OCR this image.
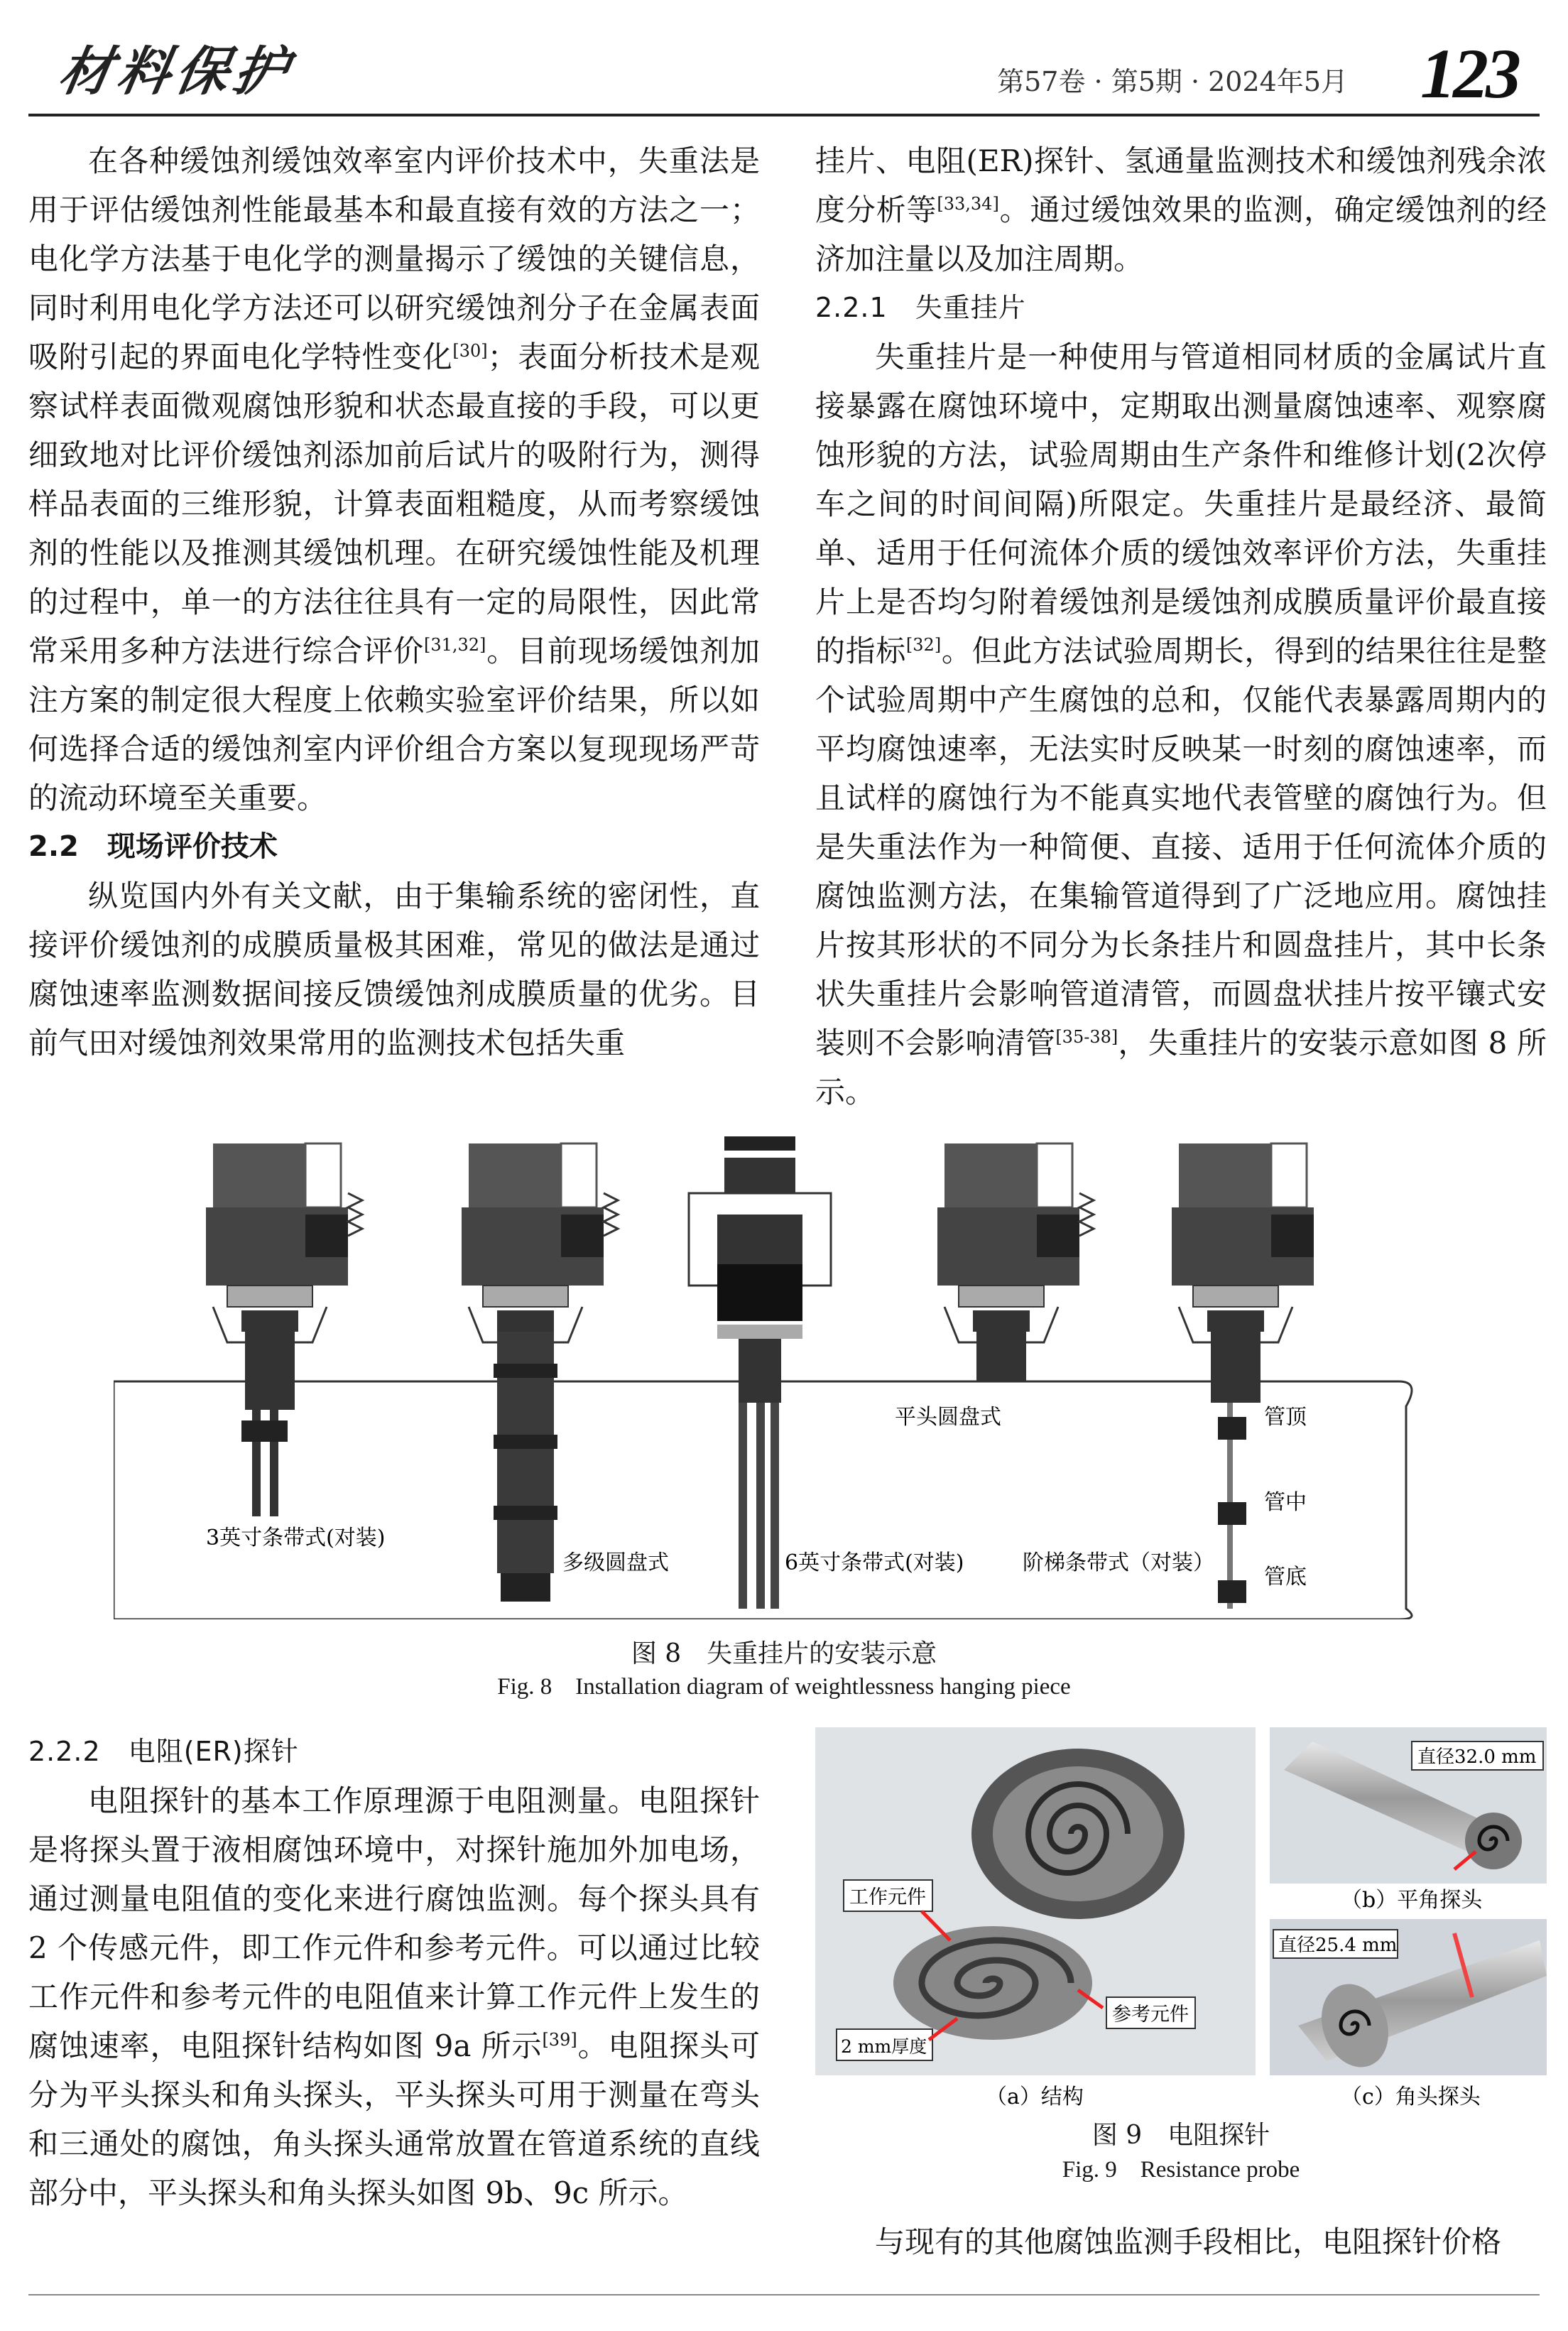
材料保护	第57卷 · 第5期 · 2024年5月 123

在各种缓蚀剂缓蚀效率室内评价技术中，失重法是用于评估缓蚀剂性能最基本和最直接有效的方法之一；电化学方法基于电化学的测量揭示了缓蚀的关键信息，同时利用电化学方法还可以研究缓蚀剂分子在金属表面吸附引起的界面电化学特性变化[30]；表面分析技术是观察试样表面微观腐蚀形貌和状态最直接的手段，可以更细致地对比评价缓蚀剂添加前后试片的吸附行为，测得样品表面的三维形貌，计算表面粗糙度，从而考察缓蚀剂的性能以及推测其缓蚀机理。在研究缓蚀性能及机理的过程中，单一的方法往往具有一定的局限性，因此常常采用多种方法进行综合评价[31,32]。目前现场缓蚀剂加注方案的制定很大程度上依赖实验室评价结果，所以如何选择合适的缓蚀剂室内评价组合方案以复现现场严苛的流动环境至关重要。

2.2　现场评价技术

纵览国内外有关文献，由于集输系统的密闭性，直接评价缓蚀剂的成膜质量极其困难，常见的做法是通过腐蚀速率监测数据间接反馈缓蚀剂成膜质量的优劣。目前气田对缓蚀剂效果常用的监测技术包括失重

挂片、电阻(ER)探针、氢通量监测技术和缓蚀剂残余浓度分析等[33,34]。通过缓蚀效果的监测，确定缓蚀剂的经济加注量以及加注周期。

2.2.1　失重挂片

失重挂片是一种使用与管道相同材质的金属试片直接暴露在腐蚀环境中，定期取出测量腐蚀速率、观察腐蚀形貌的方法，试验周期由生产条件和维修计划(2次停车之间的时间间隔)所限定。失重挂片是最经济、最简单、适用于任何流体介质的缓蚀效率评价方法，失重挂片上是否均匀附着缓蚀剂是缓蚀剂成膜质量评价最直接的指标[32]。但此方法试验周期长，得到的结果往往是整个试验周期中产生腐蚀的总和，仅能代表暴露周期内的平均腐蚀速率，无法实时反映某一时刻的腐蚀速率，而且试样的腐蚀行为不能真实地代表管壁的腐蚀行为。但是失重法作为一种简便、直接、适用于任何流体介质的腐蚀监测方法，在集输管道得到了广泛地应用。腐蚀挂片按其形状的不同分为长条挂片和圆盘挂片，其中长条状失重挂片会影响管道清管，而圆盘状挂片按平镶式安装则不会影响清管[35-38]，失重挂片的安装示意如图 8 所示。

3英寸条带式(对装)
多级圆盘式	6英寸条带式(对装)
平头圆盘式
阶梯条带式（对装）
管顶
管中
管底
图 8　失重挂片的安装示意
Fig. 8　Installation diagram of weightlessness hanging piece

2.2.2　电阻(ER)探针

电阻探针的基本工作原理源于电阻测量。电阻探针是将探头置于液相腐蚀环境中，对探针施加外加电场，通过测量电阻值的变化来进行腐蚀监测。每个探头具有 2 个传感元件，即工作元件和参考元件。可以通过比较工作元件和参考元件的电阻值来计算工作元件上发生的腐蚀速率，电阻探针结构如图 9a 所示[39]。电阻探头可分为平头探头和角头探头，平头探头可用于测量在弯头和三通处的腐蚀，角头探头通常放置在管道系统的直线部分中，平头探头和角头探头如图 9b、9c 所示。

工作元件
参考元件
2 mm厚度
直径32.0 mm
直径25.4 mm
（a）结构
（b）平角探头
（c）角头探头
图 9　电阻探针
Fig. 9　Resistance probe

与现有的其他腐蚀监测手段相比，电阻探针价格
